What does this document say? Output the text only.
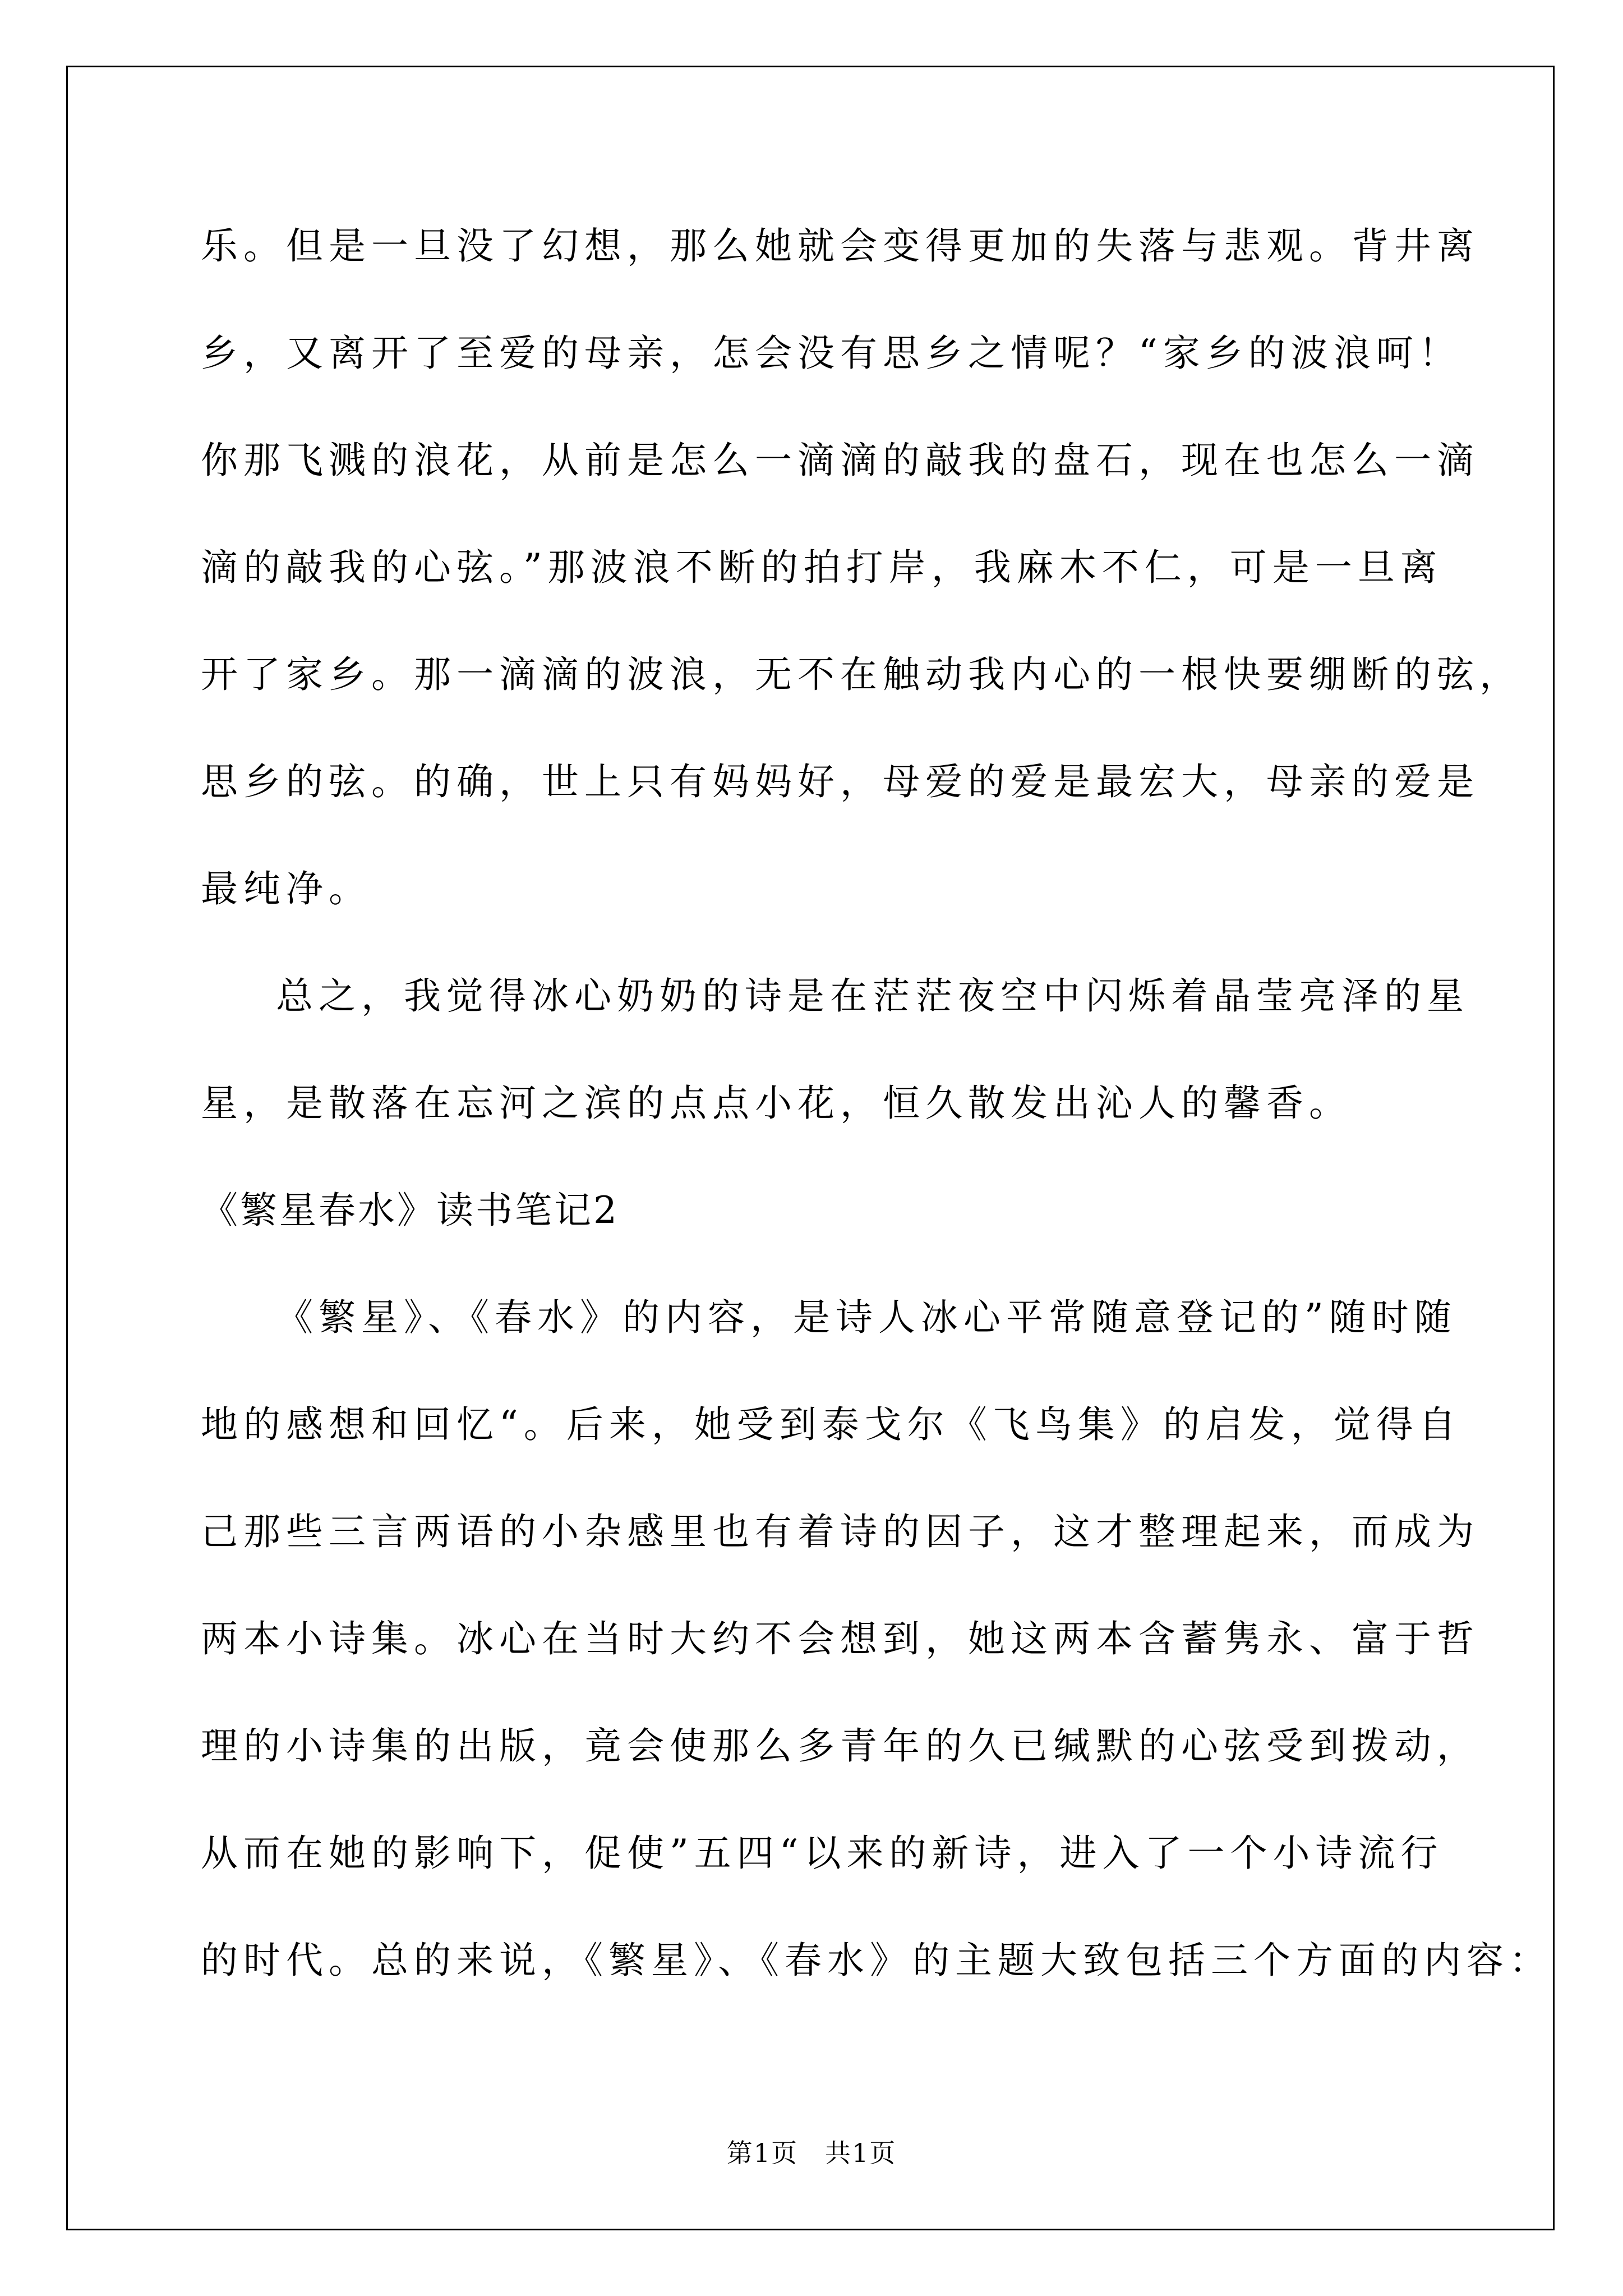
乐。但是一旦没了幻想，那么她就会变得更加的失落与悲观。背井离
乡，又离开了至爱的母亲，怎会没有思乡之情呢？“家乡的波浪呵！
你那飞溅的浪花，从前是怎么一滴滴的敲我的盘石，现在也怎么一滴
滴的敲我的心弦。”那波浪不断的拍打岸，我麻木不仁，可是一旦离
开了家乡。那一滴滴的波浪，无不在触动我内心的一根快要绷断的弦，
思乡的弦。的确，世上只有妈妈好，母爱的爱是最宏大，母亲的爱是
最纯净。
总之，我觉得冰心奶奶的诗是在茫茫夜空中闪烁着晶莹亮泽的星
星，是散落在忘河之滨的点点小花，恒久散发出沁人的馨香。
《繁星春水》读书笔记2
《繁星》、《春水》的内容，是诗人冰心平常随意登记的”随时随
地的感想和回忆“。后来，她受到泰戈尔《飞鸟集》的启发，觉得自
己那些三言两语的小杂感里也有着诗的因子，这才整理起来，而成为
两本小诗集。冰心在当时大约不会想到，她这两本含蓄隽永、富于哲
理的小诗集的出版，竟会使那么多青年的久已缄默的心弦受到拨动，
从而在她的影响下，促使”五四“以来的新诗，进入了一个小诗流行
的时代。总的来说，《繁星》、《春水》的主题大致包括三个方面的内容：
第1页　共1页
